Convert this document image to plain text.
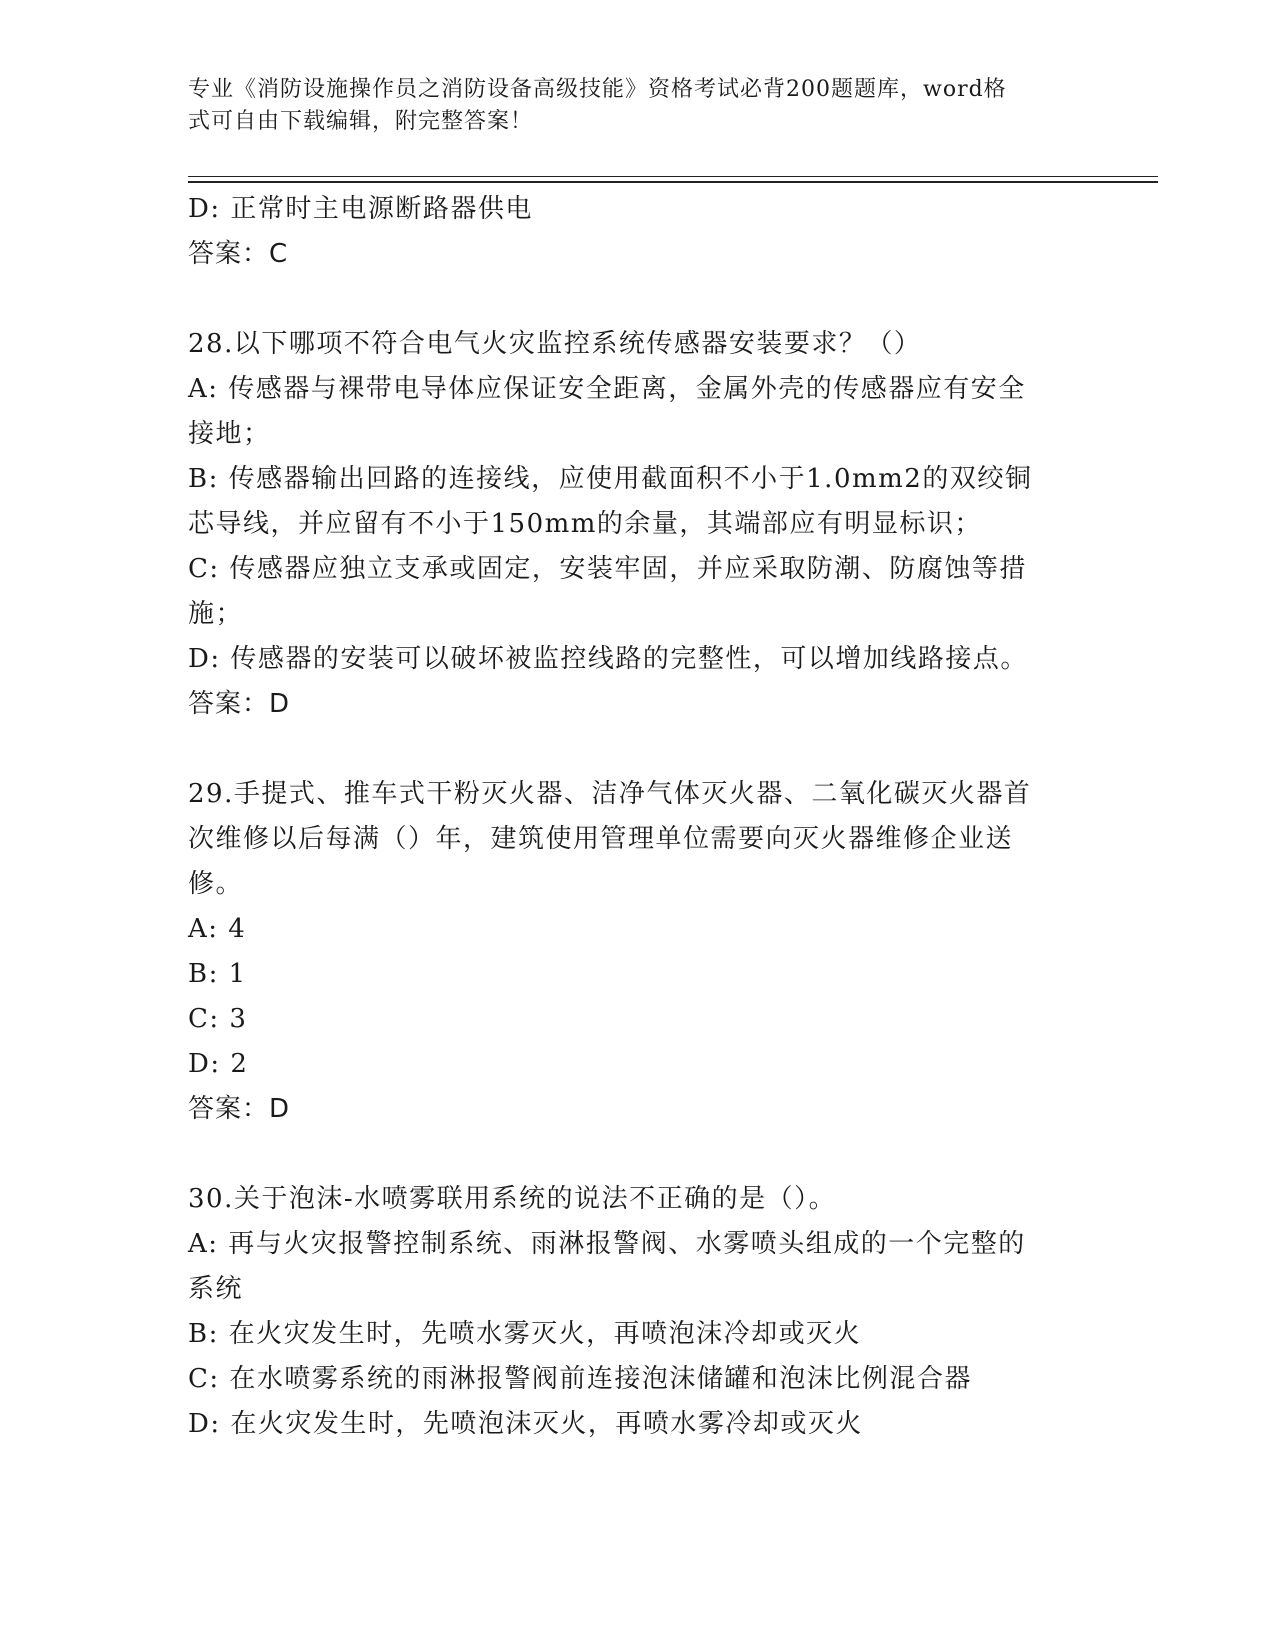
专业《消防设施操作员之消防设备高级技能》资格考试必背200题题库，word格
式可自由下载编辑，附完整答案！
D: 正常时主电源断路器供电
答案：C
28.以下哪项不符合电气火灾监控系统传感器安装要求？（）
A: 传感器与裸带电导体应保证安全距离，金属外壳的传感器应有安全
接地；
B: 传感器输出回路的连接线，应使用截面积不小于1.0mm2的双绞铜
芯导线，并应留有不小于150mm的余量，其端部应有明显标识；
C: 传感器应独立支承或固定，安装牢固，并应采取防潮、防腐蚀等措
施；
D: 传感器的安装可以破坏被监控线路的完整性，可以增加线路接点。
答案：D
29.手提式、推车式干粉灭火器、洁净气体灭火器、二氧化碳灭火器首
次维修以后每满（）年，建筑使用管理单位需要向灭火器维修企业送
修。
A: 4
B: 1
C: 3
D: 2
答案：D
30.关于泡沫-水喷雾联用系统的说法不正确的是（）。
A: 再与火灾报警控制系统、雨淋报警阀、水雾喷头组成的一个完整的
系统
B: 在火灾发生时，先喷水雾灭火，再喷泡沫冷却或灭火
C: 在水喷雾系统的雨淋报警阀前连接泡沫储罐和泡沫比例混合器
D: 在火灾发生时，先喷泡沫灭火，再喷水雾冷却或灭火
